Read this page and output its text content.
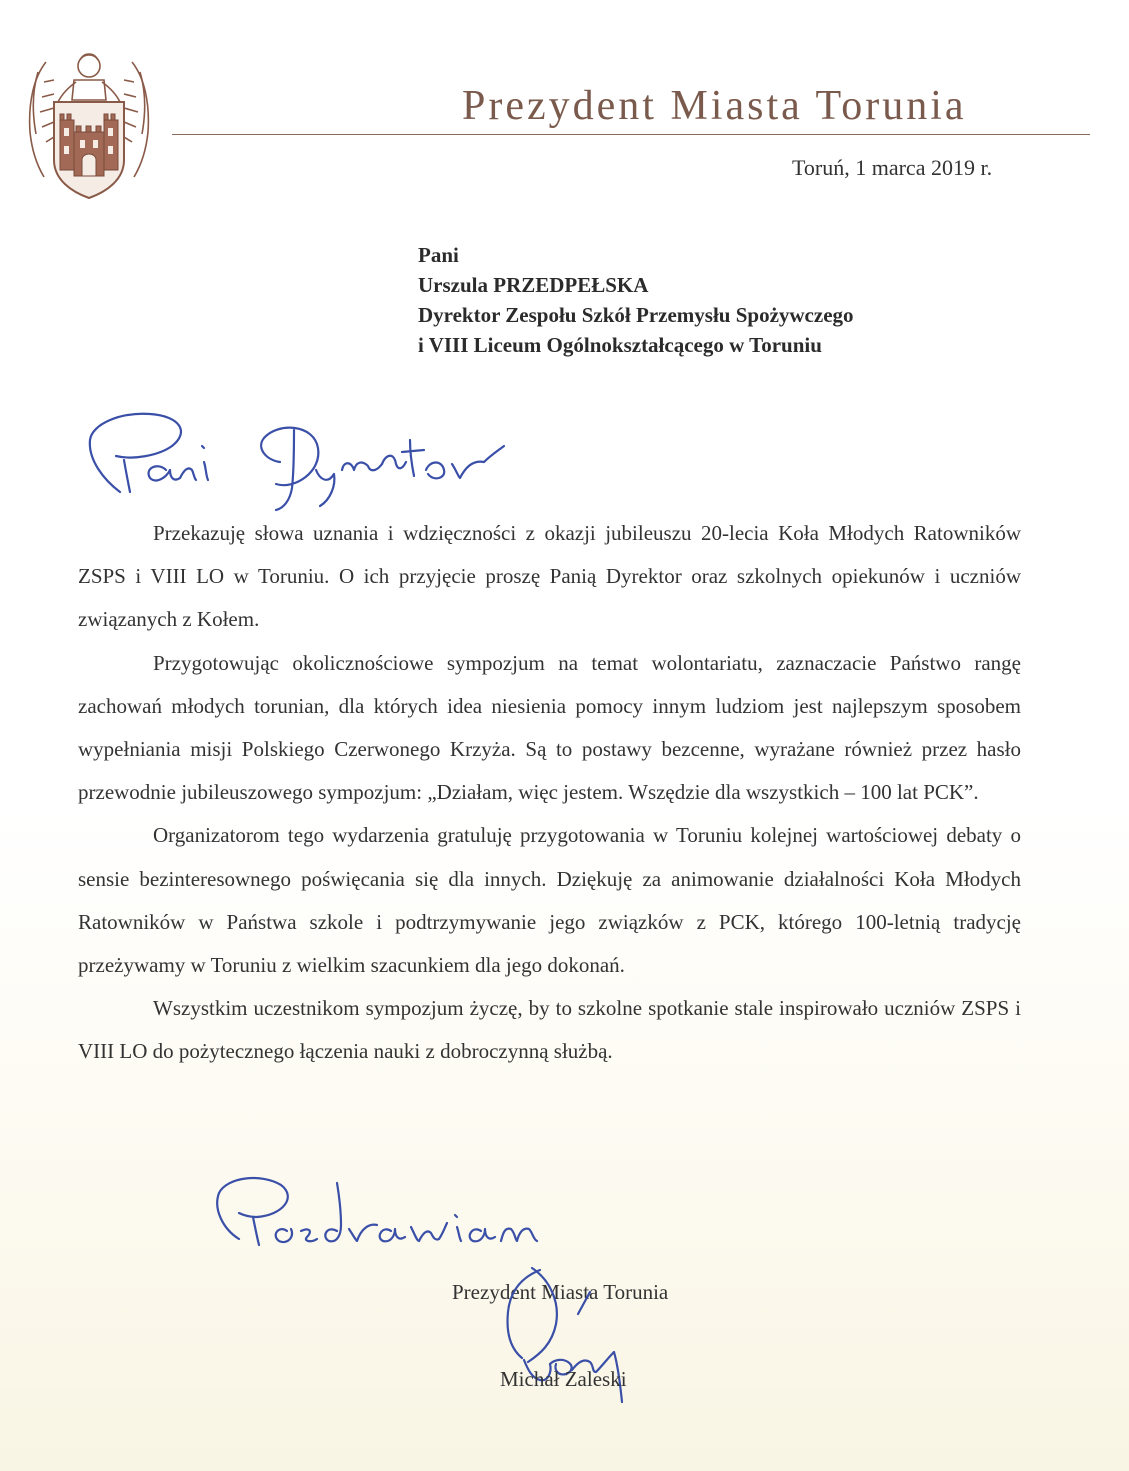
Prezydent Miasta Torunia
Toruń, 1 marca 2019 r.
Pani
Urszula PRZEDPEŁSKA
Dyrektor Zespołu Szkół Przemysłu Spożywczego
i VIII Liceum Ogólnokształcącego w Toruniu

Przekazuję słowa uznania i wdzięczności z okazji jubileuszu 20-lecia Koła Młodych Ratowników ZSPS i VIII LO w Toruniu. O ich przyjęcie proszę Panią Dyrektor oraz szkolnych opiekunów i uczniów związanych z Kołem.

Przygotowując okolicznościowe sympozjum na temat wolontariatu, zaznaczacie Państwo rangę zachowań młodych torunian, dla których idea niesienia pomocy innym ludziom jest najlepszym sposobem wypełniania misji Polskiego Czerwonego Krzyża. Są to postawy bezcenne, wyrażane również przez hasło przewodnie jubileuszowego sympozjum: „Działam, więc jestem. Wszędzie dla wszystkich – 100 lat PCK”.

Organizatorom tego wydarzenia gratuluję przygotowania w Toruniu kolejnej wartościowej debaty o sensie bezinteresownego poświęcania się dla innych. Dziękuję za animowanie działalności Koła Młodych Ratowników w Państwa szkole i podtrzymywanie jego związków z PCK, którego 100-letnią tradycję przeżywamy w Toruniu z wielkim szacunkiem dla jego dokonań.

Wszystkim uczestnikom sympozjum życzę, by to szkolne spotkanie stale inspirowało uczniów ZSPS i VIII LO do pożytecznego łączenia nauki z dobroczynną służbą.

Prezydent Miasta Torunia
Michał Zaleski
